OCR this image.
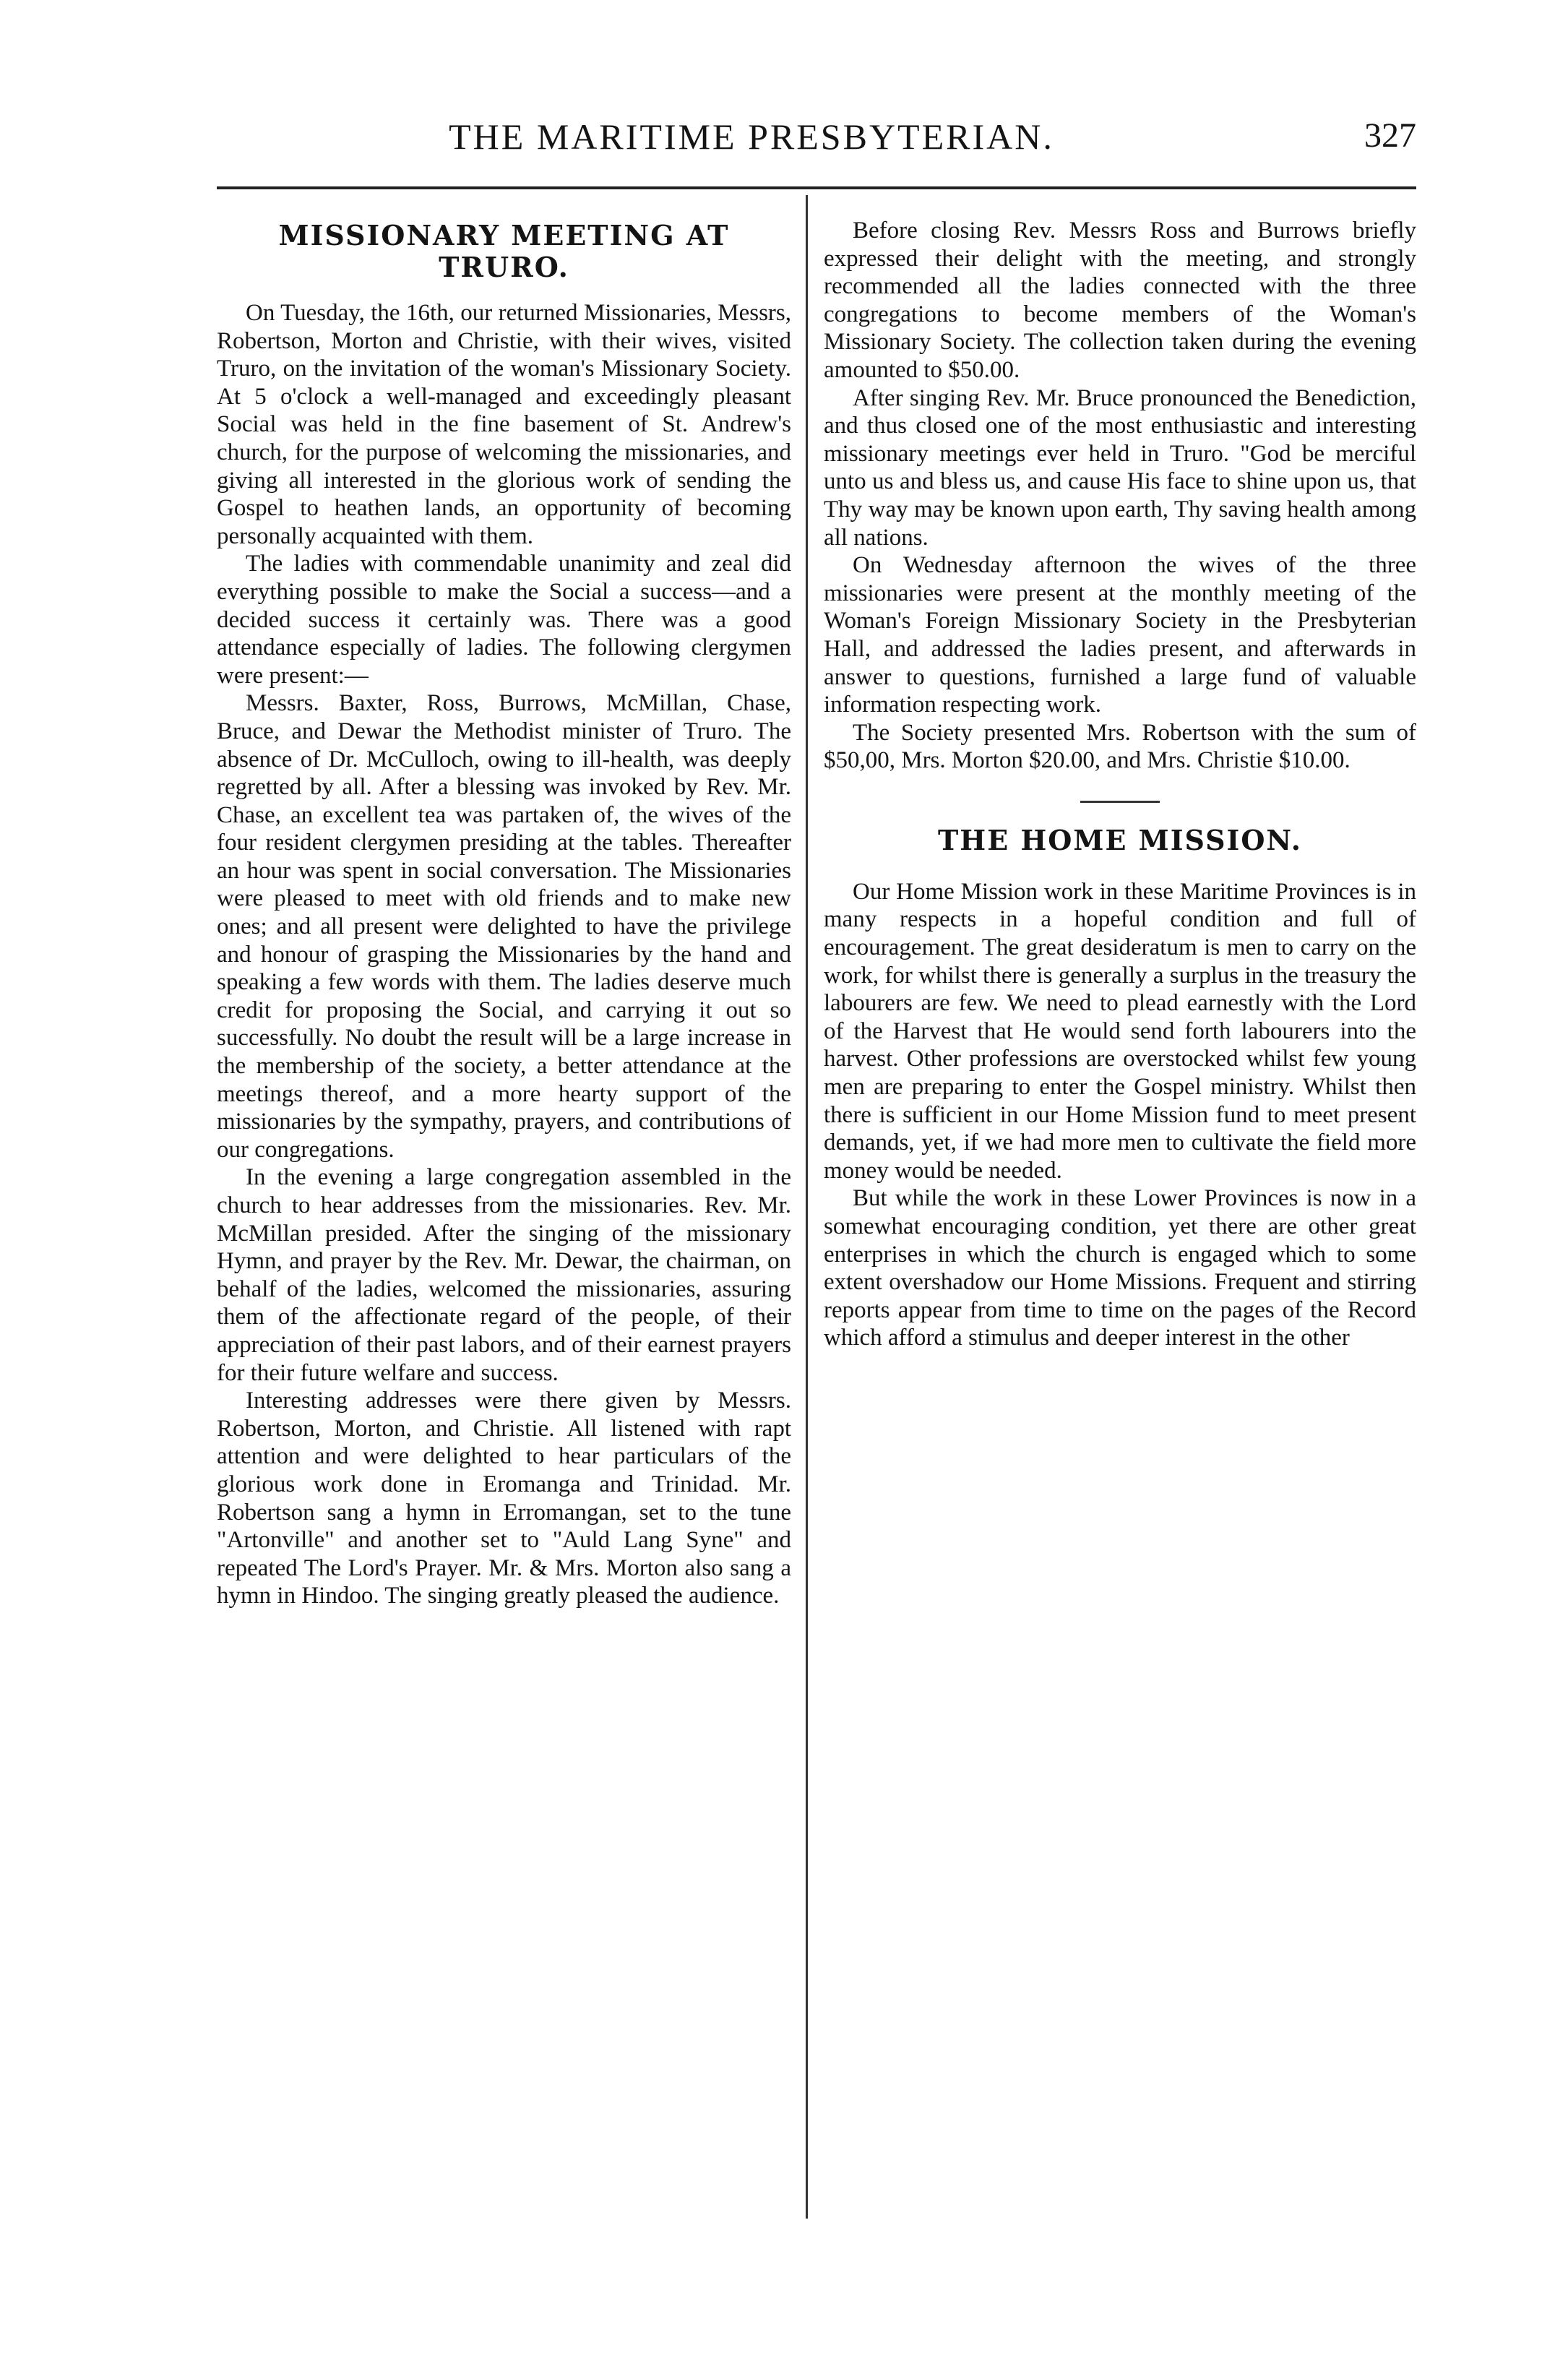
THE MARITIME PRESBYTERIAN.	327
MISSIONARY MEETING AT TRURO.

On Tuesday, the 16th, our returned Missionaries, Messrs, Robertson, Morton and Christie, with their wives, visited Truro, on the invitation of the woman's Missionary Society. At 5 o'clock a well-managed and exceedingly pleasant Social was held in the fine basement of St. Andrew's church, for the purpose of welcoming the missionaries, and giving all interested in the glorious work of sending the Gospel to heathen lands, an opportunity of becoming personally acquainted with them.

The ladies with commendable unanimity and zeal did everything possible to make the Social a success—and a decided success it certainly was. There was a good attendance especially of ladies. The following clergymen were present:—

Messrs. Baxter, Ross, Burrows, McMillan, Chase, Bruce, and Dewar the Methodist minister of Truro. The absence of Dr. McCulloch, owing to ill-health, was deeply regretted by all. After a blessing was invoked by Rev. Mr. Chase, an excellent tea was partaken of, the wives of the four resident clergymen presiding at the tables. Thereafter an hour was spent in social conversation. The Missionaries were pleased to meet with old friends and to make new ones; and all present were delighted to have the privilege and honour of grasping the Missionaries by the hand and speaking a few words with them. The ladies deserve much credit for proposing the Social, and carrying it out so successfully. No doubt the result will be a large increase in the membership of the society, a better attendance at the meetings thereof, and a more hearty support of the missionaries by the sympathy, prayers, and contributions of our congregations.

In the evening a large congregation assembled in the church to hear addresses from the missionaries. Rev. Mr. McMillan presided. After the singing of the missionary Hymn, and prayer by the Rev. Mr. Dewar, the chairman, on behalf of the ladies, welcomed the missionaries, assuring them of the affectionate regard of the people, of their appreciation of their past labors, and of their earnest prayers for their future welfare and success.

Interesting addresses were there given by Messrs. Robertson, Morton, and Christie. All listened with rapt attention and were delighted to hear particulars of the glorious work done in Eromanga and Trinidad. Mr. Robertson sang a hymn in Erromangan, set to the tune "Artonville" and another set to "Auld Lang Syne" and repeated The Lord's Prayer. Mr. & Mrs. Morton also sang a hymn in Hindoo. The singing greatly pleased the audience.

Before closing Rev. Messrs Ross and Burrows briefly expressed their delight with the meeting, and strongly recommended all the ladies connected with the three congregations to become members of the Woman's Missionary Society. The collection taken during the evening amounted to $50.00.

After singing Rev. Mr. Bruce pronounced the Benediction, and thus closed one of the most enthusiastic and interesting missionary meetings ever held in Truro. "God be merciful unto us and bless us, and cause His face to shine upon us, that Thy way may be known upon earth, Thy saving health among all nations.

On Wednesday afternoon the wives of the three missionaries were present at the monthly meeting of the Woman's Foreign Missionary Society in the Presbyterian Hall, and addressed the ladies present, and afterwards in answer to questions, furnished a large fund of valuable information respecting work.

The Society presented Mrs. Robertson with the sum of $50,00, Mrs. Morton $20.00, and Mrs. Christie $10.00.

THE HOME MISSION.

Our Home Mission work in these Maritime Provinces is in many respects in a hopeful condition and full of encouragement. The great desideratum is men to carry on the work, for whilst there is generally a surplus in the treasury the labourers are few. We need to plead earnestly with the Lord of the Harvest that He would send forth labourers into the harvest. Other professions are overstocked whilst few young men are preparing to enter the Gospel ministry. Whilst then there is sufficient in our Home Mission fund to meet present demands, yet, if we had more men to cultivate the field more money would be needed.

But while the work in these Lower Provinces is now in a somewhat encouraging condition, yet there are other great enterprises in which the church is engaged which to some extent overshadow our Home Missions. Frequent and stirring reports appear from time to time on the pages of the Record which afford a stimulus and deeper interest in the other
